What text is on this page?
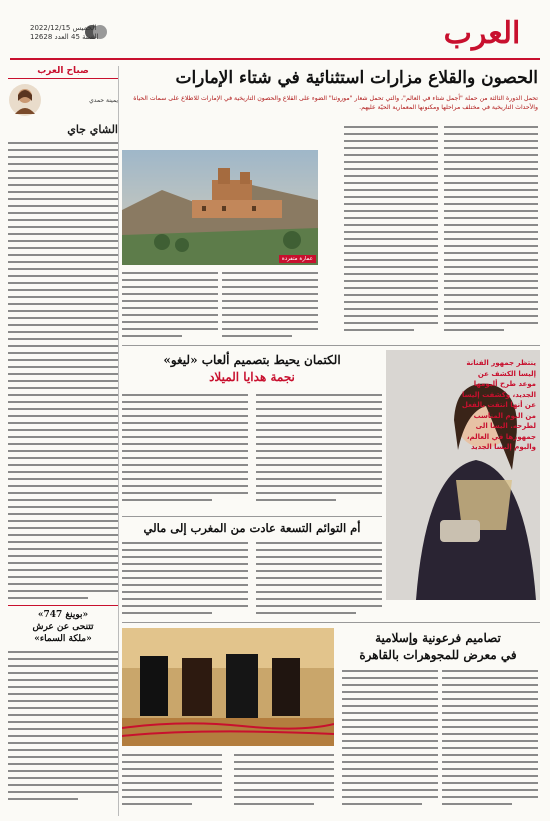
العرب
الخميس 2022/12/15
السنة 45 العدد 12628
الحصون والقلاع مزارات استثنائية في شتاء الإمارات
تحمل الدورة الثالثة من حملة "أجمل شتاء في العالم"، والتي تحمل شعار "موروثنا" الضوء على القلاع والحصون التاريخية في الإمارات للاطلاع على سمات الحياة والأحداث التاريخية في مختلف مراحلها ومكنونها المعمارية الحيّة عليهم.
عمارة متفردة
صباح العرب
يمينة حمدي
الشاي جاي
«بوينغ 747»
تتنحى عن عرش
«ملكة السماء»
الكتمان يحيط بتصميم ألعاب «ليغو»
نجمة هدايا الميلاد
ينتظر جمهور الفنانة إليسا الكشف عن موعد طرح ألبومها الجديد، وكشفت إليسا عن أنها انتقت بالفعل من البوم المناسب لطرحه. اليسا الى جمهورها في العالم، والبوم إليسا الجديد
أم التوائم التسعة عادت من المغرب إلى مالي
تصاميم فرعونية وإسلامية
في معرض للمجوهرات بالقاهرة
